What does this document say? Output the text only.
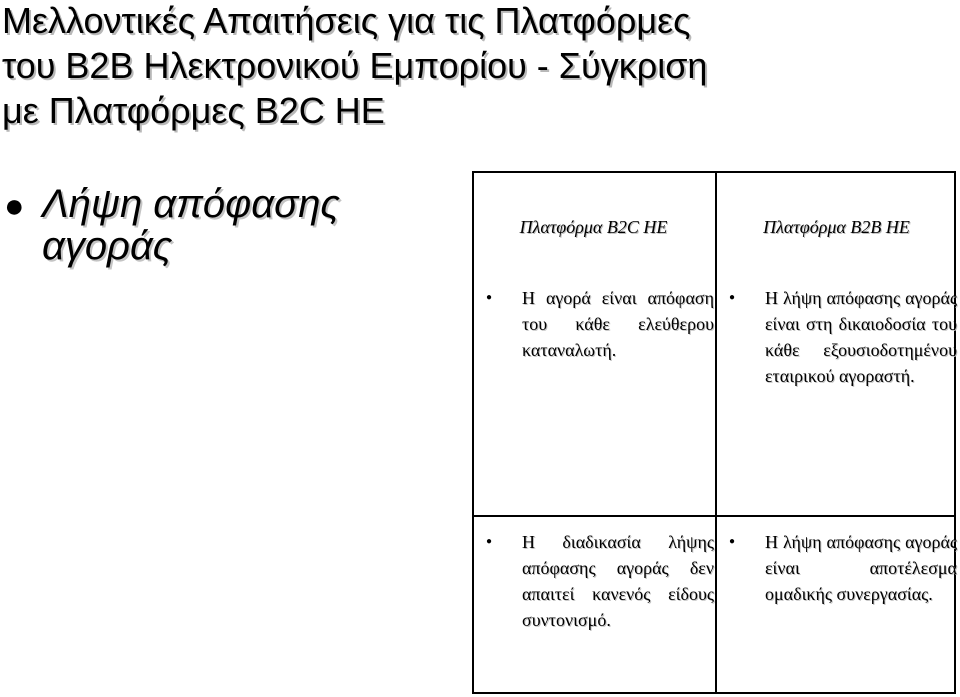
Μελλοντικές Απαιτήσεις για τις Πλατφόρμες
του B2B Ηλεκτρονικού Εμπορίου - Σύγκριση
με Πλατφόρμες B2C ΗΕ
● Λήψη απόφασης
αγοράς	Πλατφόρμα B2C ΗΕ	Πλατφόρμα B2B ΗΕ
● Η αγορά είναι απόφαση του κάθε ελεύθερου καταναλωτή.
● Η λήψη απόφασης αγοράς είναι στη δικαιοδοσία του κάθε εξουσιοδοτημένου εταιρικού αγοραστή.
● Η διαδικασία λήψης απόφασης αγοράς δεν απαιτεί κανενός είδους συντονισμό.
● Η λήψη απόφασης αγοράς είναι αποτέλεσμα ομαδικής συνεργασίας.
